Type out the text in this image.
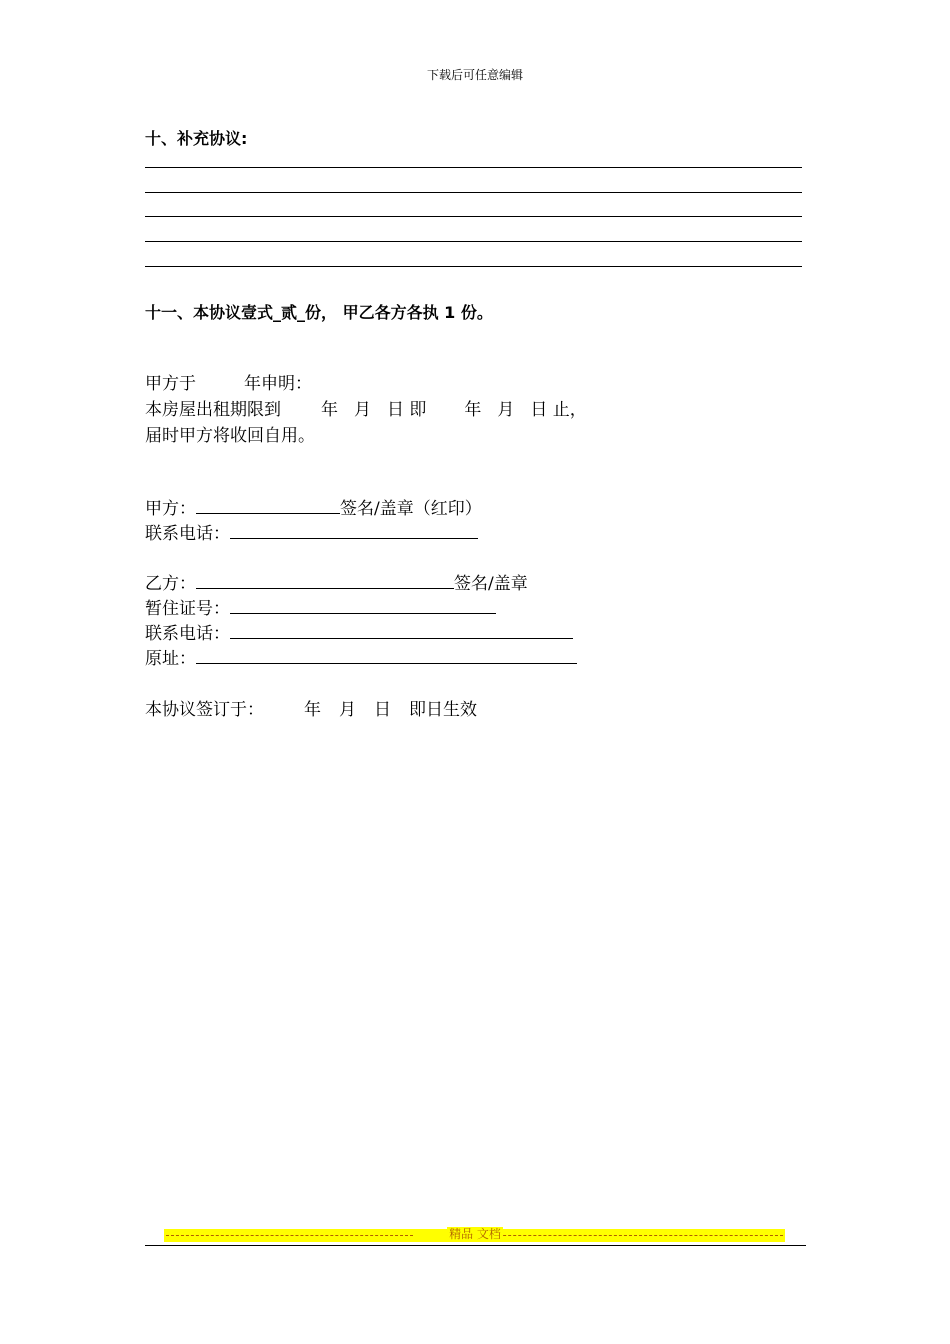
下载后可任意编辑
十、补充协议:
十一、本协议壹式_贰_份， 甲乙各方各执 1 份。
甲方于	年申明：
本房屋出租期限到 年 月 日 即 年 月 日 止，
届时甲方将收回自用。
甲方：	签名/盖章（红印）
联系电话：
乙方：	签名/盖章
暂住证号：
联系电话：
原址：
本协议签订于： 年 月 日 即日生效
精品 文档
